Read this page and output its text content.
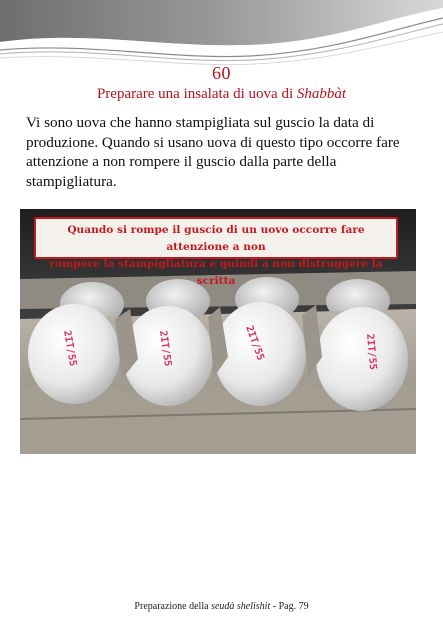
60
Preparare una insalata di uova di Shabbàt
Vi sono uova che hanno stampigliata sul guscio la data di produzione. Quando si usano uova di questo tipo occorre fare attenzione a non rompere il guscio dalla parte della stampigliatura.
2IT/55	2IT/55	2IT/55	2IT/55
Quando si rompe il guscio di un uovo occorre fare attenzione a non
rompere la stampigliatura e quindi a non distruggere la scritta
Preparazione della seudà shelishit - Pag. 79
